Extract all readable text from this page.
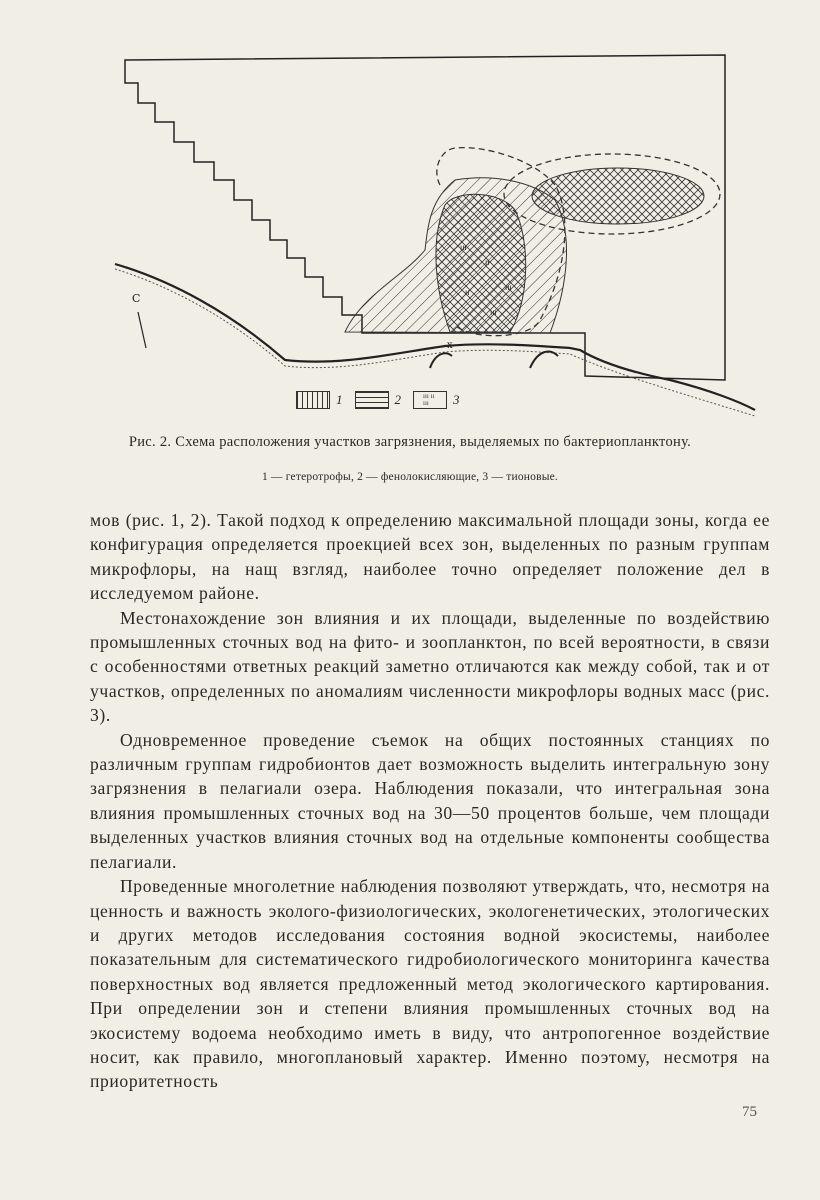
ııı
ıı
ııı
ıı
ııı
С
x
1	2
ııı ıı ııı	3
Рис. 2. Схема расположения участков загрязнения, выделяемых по бактериопланктону.
1 — гетеротрофы, 2 — фенолокисляющие, 3 — тионовые.

мов (рис. 1, 2). Такой подход к определению максимальной площади зоны, когда ее конфигурация определяется проекцией всех зон, выделенных по разным группам микрофлоры, на нащ взгляд, наиболее точно определяет положение дел в исследуемом районе.

Местонахождение зон влияния и их площади, выделенные по воздействию промышленных сточных вод на фито- и зоопланктон, по всей вероятности, в связи с особенностями ответных реакций заметно отличаются как между собой, так и от участков, определенных по аномалиям численности микрофлоры водных масс (рис. 3).

Одновременное проведение съемок на общих постоянных станциях по различным группам гидробионтов дает возможность выделить интегральную зону загрязнения в пелагиали озера. Наблюдения показали, что интегральная зона влияния промышленных сточных вод на 30—50 процентов больше, чем площади выделенных участков влияния сточных вод на отдельные компоненты сообщества пелагиали.

Проведенные многолетние наблюдения позволяют утверждать, что, несмотря на ценность и важность эколого-физиологических, экологенетических, этологических и других методов исследования состояния водной экосистемы, наиболее показательным для систематического гидробиологического мониторинга качества поверхностных вод является предложенный метод экологического картирования. При определении зон и степени влияния промышленных сточных вод на экосистему водоема необходимо иметь в виду, что антропогенное воздействие носит, как правило, многоплановый характер. Именно поэтому, несмотря на приоритетность

75
